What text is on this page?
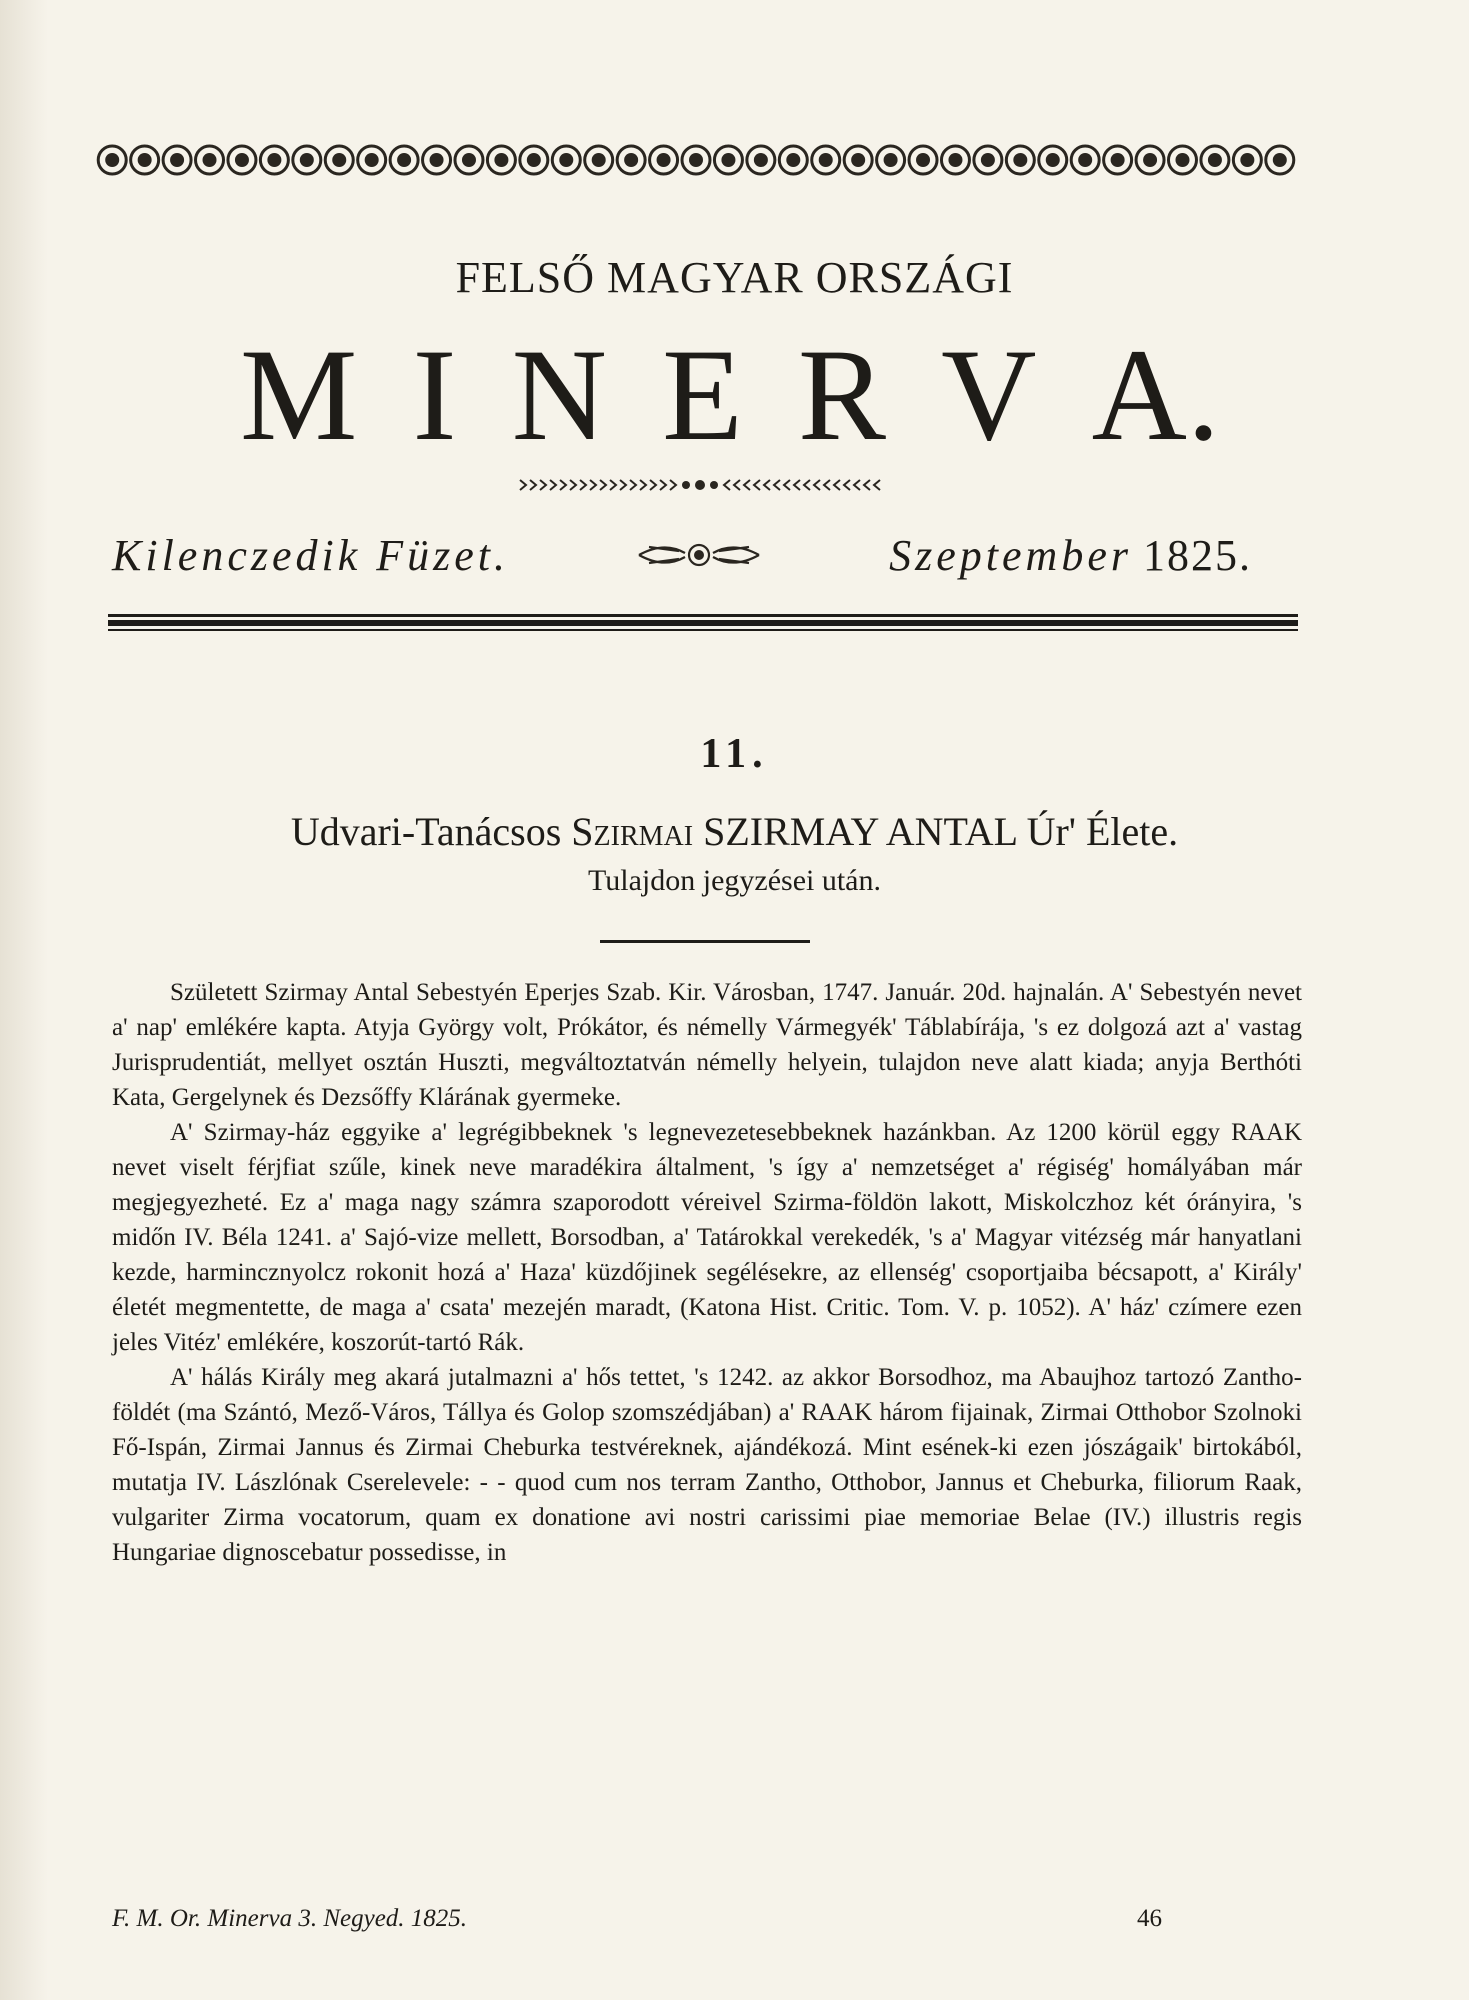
FELSŐ MAGYAR ORSZÁGI
M I N E R V A.
Kilenczedik Füzet.	Szeptember 1825.
11.
Udvari-Tanácsos Szirmai SZIRMAY ANTAL Úr' Élete.
Tulajdon jegyzései után.

Született Szirmay Antal Sebestyén Eperjes Szab. Kir. Városban, 1747. Január. 20d. hajnalán. A' Sebestyén nevet a' nap' emlékére kapta. Atyja György volt, Prókátor, és némelly Vármegyék' Táblabírája, 's ez dolgozá azt a' vastag Jurisprudentiát, mellyet osztán Huszti, megváltoztatván némelly helyein, tulajdon neve alatt kiada; anyja Berthóti Kata, Gergelynek és Dezsőffy Klárának gyermeke.

A' Szirmay-ház eggyike a' legrégibbeknek 's legnevezetesebbeknek hazánkban. Az 1200 körül eggy RAAK nevet viselt férjfiat szűle, kinek neve maradékira általment, 's így a' nemzetséget a' régiség' homályában már megjegyezheté. Ez a' maga nagy számra szaporodott véreivel Szirma-földön lakott, Miskolczhoz két órányira, 's midőn IV. Béla 1241. a' Sajó-vize mellett, Borsodban, a' Tatárokkal verekedék, 's a' Magyar vitézség már hanyatlani kezde, harmincznyolcz rokonit hozá a' Haza' küzdőjinek segélésekre, az ellenség' csoportjaiba bécsapott, a' Király' életét megmentette, de maga a' csata' mezején maradt, (Katona Hist. Critic. Tom. V. p. 1052). A' ház' czímere ezen jeles Vitéz' emlékére, koszorút-tartó Rák.

A' hálás Király meg akará jutalmazni a' hős tettet, 's 1242. az akkor Borsodhoz, ma Abaujhoz tartozó Zantho-földét (ma Szántó, Mező-Város, Tállya és Golop szomszédjában) a' RAAK három fijainak, Zirmai Otthobor Szolnoki Fő-Ispán, Zirmai Jannus és Zirmai Cheburka testvéreknek, ajándékozá. Mint esének-ki ezen jószágaik' birtokából, mutatja IV. Lászlónak Cserelevele: - - quod cum nos terram Zantho, Otthobor, Jannus et Cheburka, filiorum Raak, vulgariter Zirma vocatorum, quam ex donatione avi nostri carissimi piae memoriae Belae (IV.) illustris regis Hungariae dignoscebatur possedisse, in

F. M. Or. Minerva 3. Negyed. 1825.	46
